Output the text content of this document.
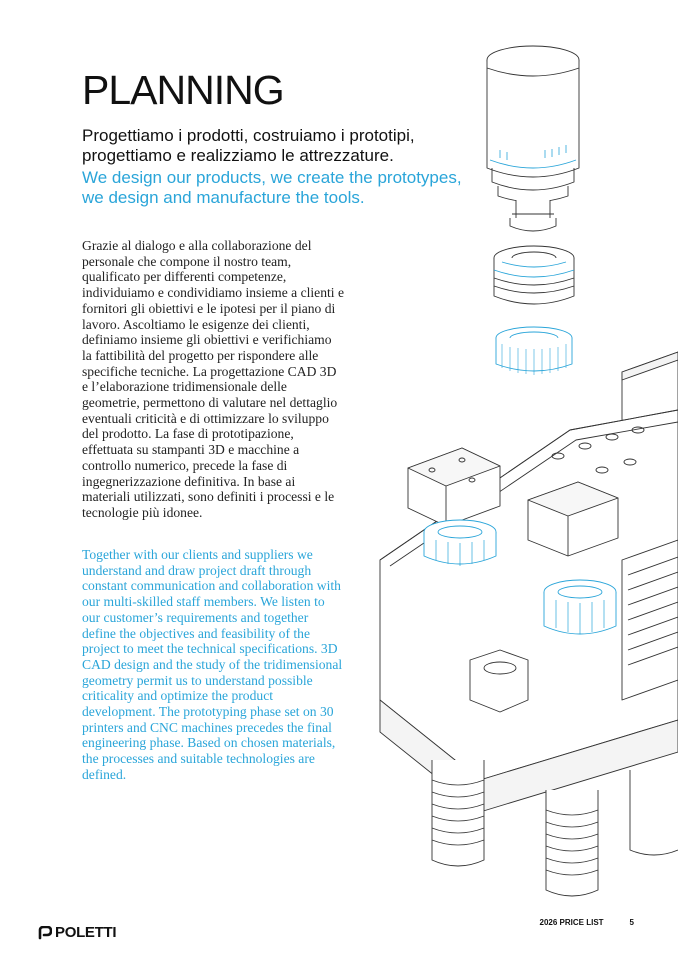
PLANNING

Progettiamo i prodotti, costruiamo i prototipi, progettiamo e realizziamo le attrezzature.

We design our products, we create the prototypes, we design and manufacture the tools.

Grazie al dialogo e alla collaborazione del personale che compone il nostro team, qualificato per differenti competenze, individuiamo e condividiamo insieme a clienti e fornitori gli obiettivi e le ipotesi per il piano di lavoro. Ascoltiamo le esigenze dei clienti, definiamo insieme gli obiettivi e verifichiamo la fattibilità del progetto per rispondere alle specifiche tecniche. La progettazione CAD 3D e l’elaborazione tridimensionale delle geometrie, permettono di valutare nel dettaglio eventuali criticità e di ottimizzare lo sviluppo del prodotto. La fase di prototipazione, effettuata su stampanti 3D e macchine a controllo numerico, precede la fase di ingegnerizzazione definitiva. In base ai materiali utilizzati, sono definiti i processi e le tecnologie più idonee.

Together with our clients and suppliers we understand and draw project draft through constant communication and collaboration with our multi-skilled staff members. We listen to our customer’s requirements and together define the objectives and feasibility of the project to meet the technical specifications. 3D CAD design and the study of the tridimensional geometry permit us to understand possible criticality and optimize the product development. The prototyping phase set on 30 printers and CNC machines precedes the final engineering phase. Based on chosen materials, the processes and suitable technologies are defined.

POLETTI
2026 PRICE LIST	5
